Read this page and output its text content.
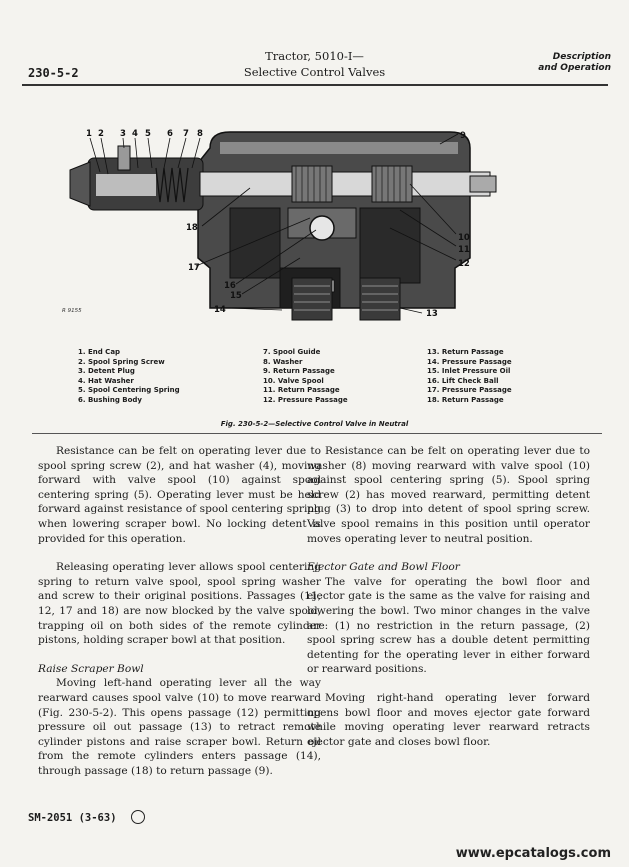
230-5-2
Tractor, 5010-I—
Selective Control Valves
Description
and Operation
1 2 3 4 5 6 7 8	9
10
11
12
13
18
17
16
15
14
R 9155
1. End Cap
2. Spool Spring Screw
3. Detent Plug
4. Hat Washer
5. Spool Centering Spring
6. Bushing Body
7. Spool Guide
8. Washer
9. Return Passage
10. Valve Spool
11. Return Passage
12. Pressure Passage
13. Return Passage
14. Pressure Passage
15. Inlet Pressure Oil
16. Lift Check Ball
17. Pressure Passage
18. Return Passage
Fig. 230-5-2—Selective Control Valve in Neutral

Resistance can be felt on operating lever due to spool spring screw (2), and hat washer (4), moving forward with valve spool (10) against spool centering spring (5). Operating lever must be held forward against resistance of spool centering spring when lowering scraper bowl. No locking detent is provided for this operation.

Releasing operating lever allows spool centering spring to return valve spool, spool spring washer and screw to their original positions. Passages (11, 12, 17 and 18) are now blocked by the valve spool, trapping oil on both sides of the remote cylinder pistons, holding scraper bowl at that position.

Raise Scraper Bowl

Moving left-hand operating lever all the way rearward causes spool valve (10) to move rearward (Fig. 230-5-2). This opens passage (12) permitting pressure oil out passage (13) to retract remote cylinder pistons and raise scraper bowl. Return oil from the remote cylinders enters passage (14), through passage (18) to return passage (9).

Resistance can be felt on operating lever due to washer (8) moving rearward with valve spool (10) against spool centering spring (5). Spool spring screw (2) has moved rearward, permitting detent plug (3) to drop into detent of spool spring screw. Valve spool remains in this position until operator moves operating lever to neutral position.

Ejector Gate and Bowl Floor

The valve for operating the bowl floor and ejector gate is the same as the valve for raising and lowering the bowl. Two minor changes in the valve are: (1) no restriction in the return passage, (2) spool spring screw has a double detent permitting detenting for the operating lever in either forward or rearward positions.

Moving right-hand operating lever forward opens bowl floor and moves ejector gate forward while moving operating lever rearward retracts ejector gate and closes bowl floor.

SM-2051 (3-63)
www.epcatalogs.com
